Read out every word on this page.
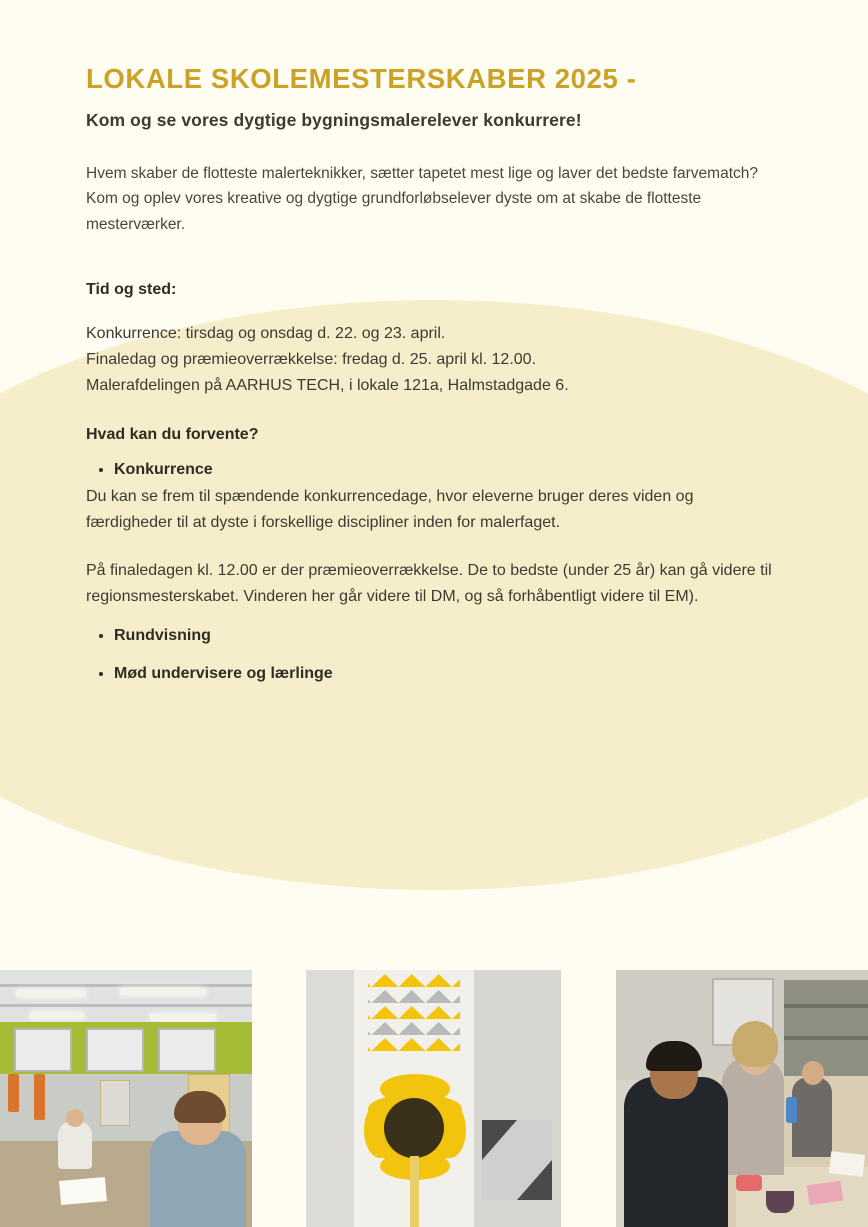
LOKALE SKOLEMESTERSKABER 2025 -

Kom og se vores dygtige bygningsmalerelever konkurrere!

Hvem skaber de flotteste malerteknikker, sætter tapetet mest lige og laver det bedste farvematch? Kom og oplev vores kreative og dygtige grundforløbselever dyste om at skabe de flotteste mesterværker.

Tid og sted:

Konkurrence: tirsdag og onsdag d. 22. og 23. april.
Finaledag og præmieoverrækkelse: fredag d. 25. april kl. 12.00.
Malerafdelingen på AARHUS TECH, i lokale 121a, Halmstadgade 6.

Hvad kan du forvente?

• Konkurrence

Du kan se frem til spændende konkurrencedage, hvor eleverne bruger deres viden og færdigheder til at dyste i forskellige discipliner inden for malerfaget.

På finaledagen kl. 12.00 er der præmieoverrækkelse. De to bedste (under 25 år) kan gå videre til regionsmesterskabet. Vinderen her går videre til DM, og så forhåbentligt videre til EM).

• Rundvisning
• Mød undervisere og lærlinge
